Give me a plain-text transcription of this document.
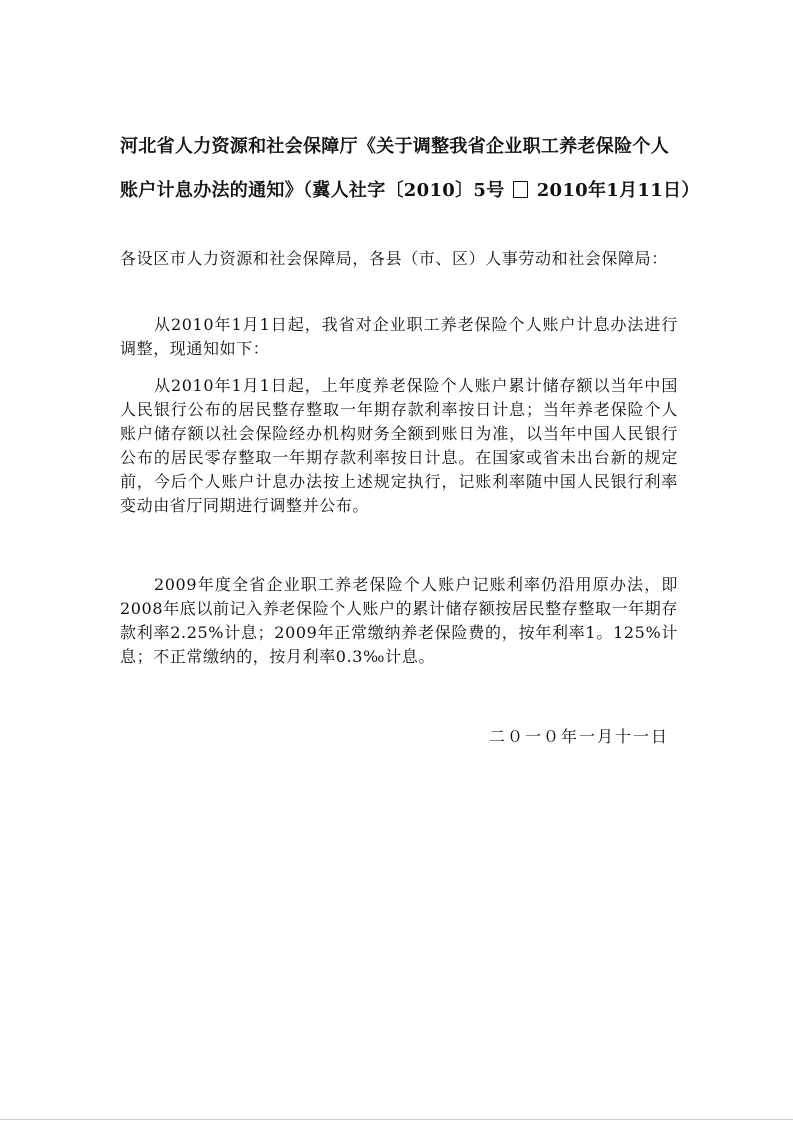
河北省人力资源和社会保障厅《关于调整我省企业职工养老保险个人
账户计息办法的通知》（冀人社字〔2010〕5号 2010年1月11日）
各设区市人力资源和社会保障局，各县（市、区）人事劳动和社会保障局：
从2010年1月1日起，我省对企业职工养老保险个人账户计息办法进行调整，现通知如下：
从2010年1月1日起，上年度养老保险个人账户累计储存额以当年中国人民银行公布的居民整存整取一年期存款利率按日计息；当年养老保险个人账户储存额以社会保险经办机构财务全额到账日为准，以当年中国人民银行公布的居民零存整取一年期存款利率按日计息。在国家或省未出台新的规定前，今后个人账户计息办法按上述规定执行，记账利率随中国人民银行利率变动由省厅同期进行调整并公布。
2009年度全省企业职工养老保险个人账户记账利率仍沿用原办法，即2008年底以前记入养老保险个人账户的累计储存额按居民整存整取一年期存款利率2.25%计息；2009年正常缴纳养老保险费的，按年利率1。125%计息；不正常缴纳的，按月利率0.3‰计息。
二０一０年一月十一日
